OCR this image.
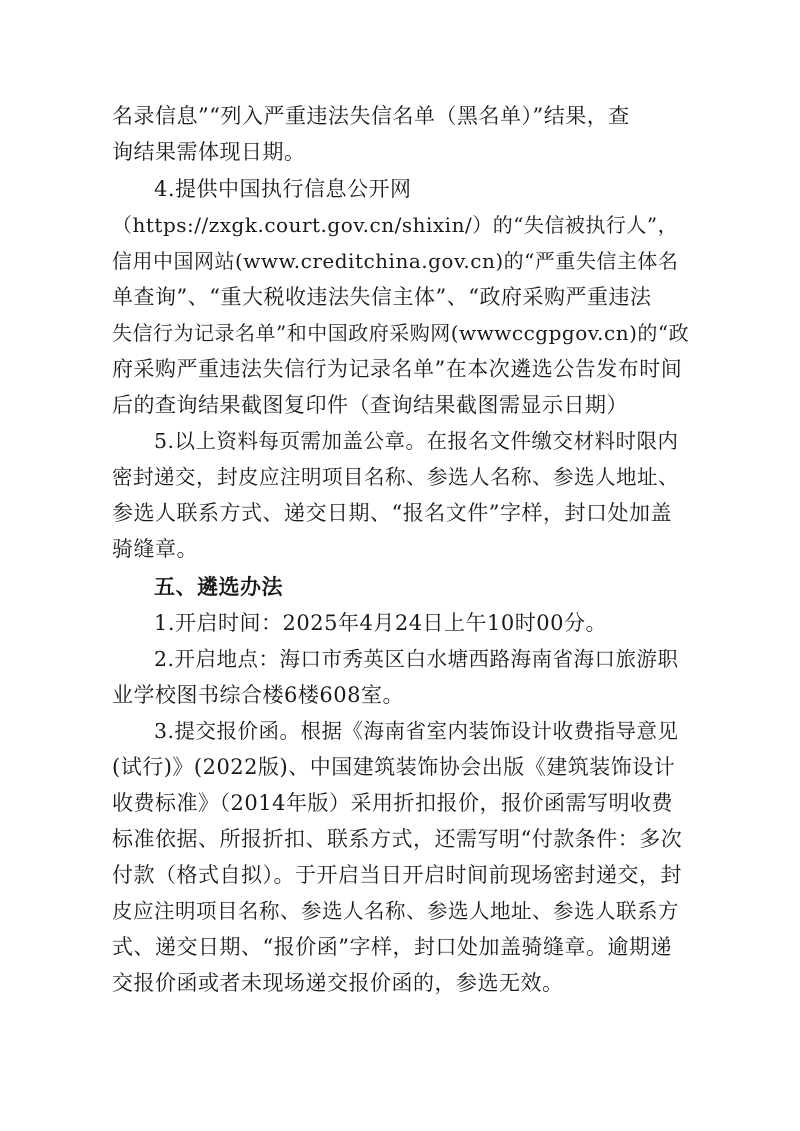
名录信息”“列入严重违法失信名单（黑名单）”结果，查
询结果需体现日期。
4.提供中国执行信息公开网
（https://zxgk.court.gov.cn/shixin/）的“失信被执行人”，
信用中国网站(www.creditchina.gov.cn)的“严重失信主体名
单查询”、“重大税收违法失信主体”、“政府采购严重违法
失信行为记录名单”和中国政府采购网(wwwccgpgov.cn)的“政
府采购严重违法失信行为记录名单”在本次遴选公告发布时间
后的查询结果截图复印件（查询结果截图需显示日期）
5.以上资料每页需加盖公章。在报名文件缴交材料时限内
密封递交，封皮应注明项目名称、参选人名称、参选人地址、
参选人联系方式、递交日期、“报名文件”字样，封口处加盖
骑缝章。
五、遴选办法
1.开启时间：2025年4月24日上午10时00分。
2.开启地点：海口市秀英区白水塘西路海南省海口旅游职
业学校图书综合楼6楼608室。
3.提交报价函。根据《海南省室内装饰设计收费指导意见
(试行)》(2022版)、中国建筑装饰协会出版《建筑装饰设计
收费标准》（2014年版）采用折扣报价，报价函需写明收费
标准依据、所报折扣、联系方式，还需写明“付款条件：多次
付款（格式自拟）。于开启当日开启时间前现场密封递交，封
皮应注明项目名称、参选人名称、参选人地址、参选人联系方
式、递交日期、“报价函”字样，封口处加盖骑缝章。逾期递
交报价函或者未现场递交报价函的，参选无效。
